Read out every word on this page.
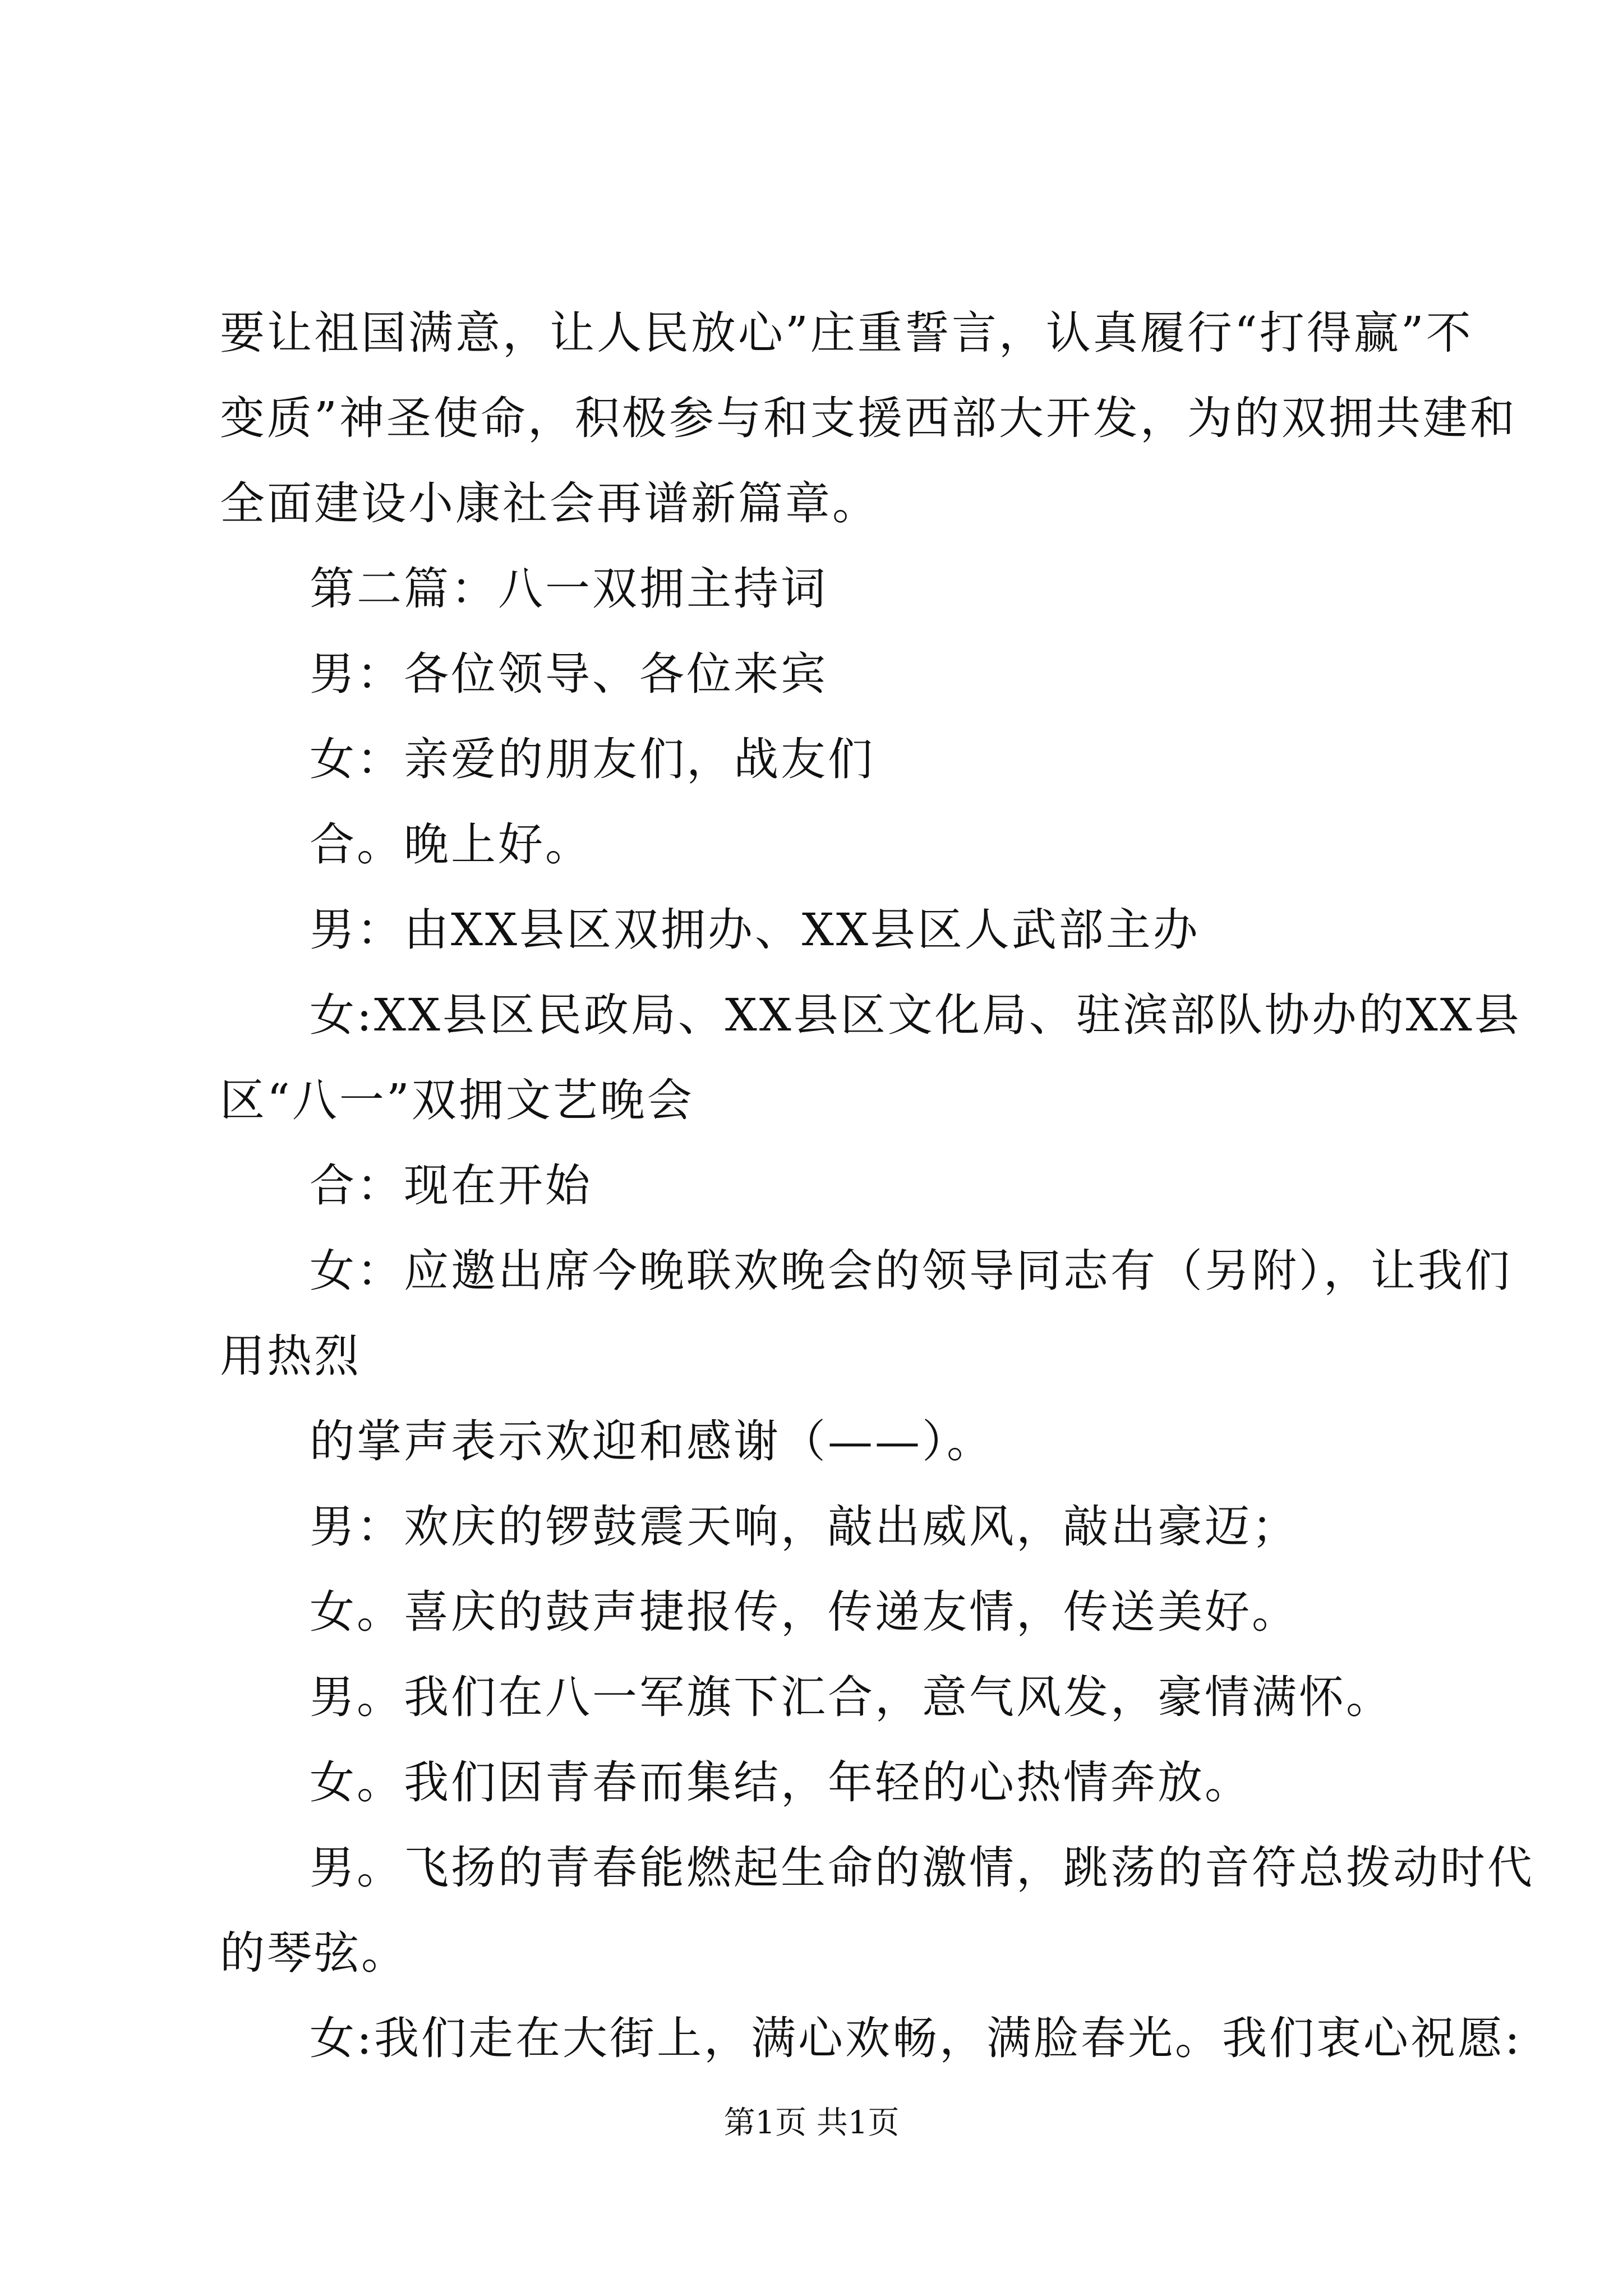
要让祖国满意，让人民放心”庄重誓言，认真履行“打得赢”不
变质”神圣使命，积极参与和支援西部大开发，为的双拥共建和
全面建设小康社会再谱新篇章。
第二篇：八一双拥主持词
男：各位领导、各位来宾
女：亲爱的朋友们，战友们
合。晚上好。
男：由XX县区双拥办、XX县区人武部主办
女:XX县区民政局、XX县区文化局、驻滨部队协办的XX县
区“八一”双拥文艺晚会
合：现在开始
女：应邀出席今晚联欢晚会的领导同志有（另附），让我们
用热烈
的掌声表示欢迎和感谢（——）。
男：欢庆的锣鼓震天响，敲出威风，敲出豪迈；
女。喜庆的鼓声捷报传，传递友情，传送美好。
男。我们在八一军旗下汇合，意气风发，豪情满怀。
女。我们因青春而集结，年轻的心热情奔放。
男。飞扬的青春能燃起生命的激情，跳荡的音符总拨动时代
的琴弦。
女:我们走在大街上，满心欢畅，满脸春光。我们衷心祝愿:
第1页 共1页
